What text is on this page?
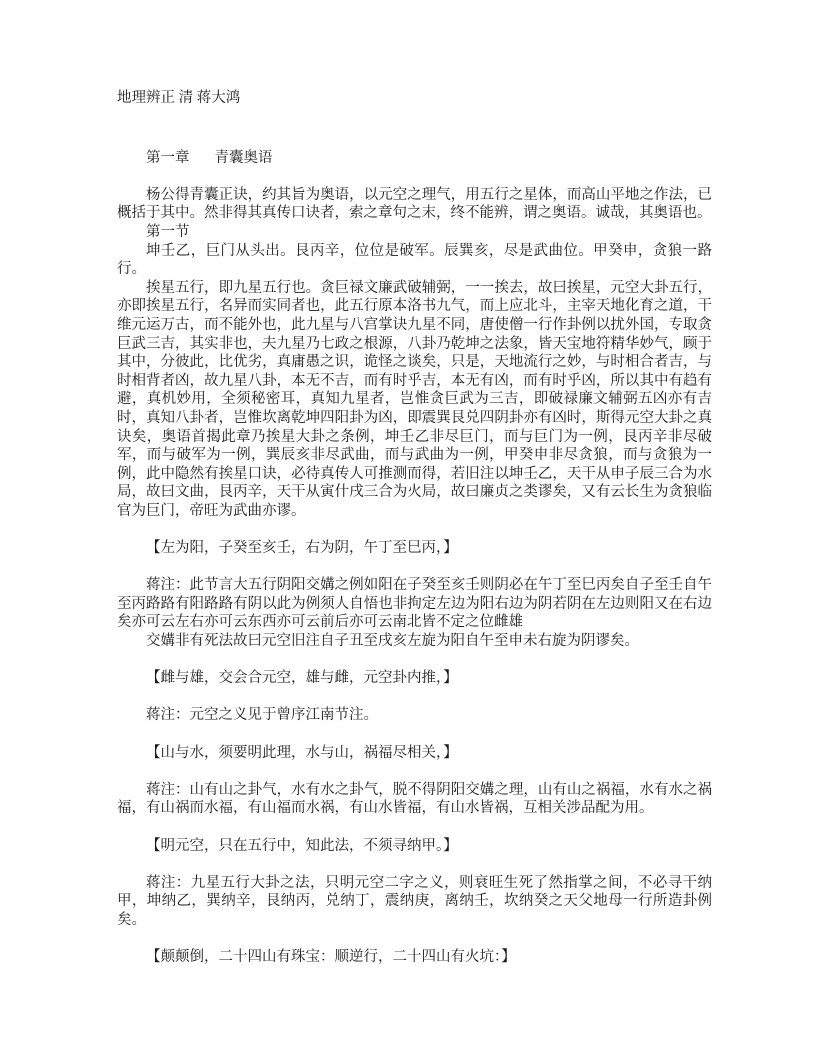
地理辨正 清 蒋大鸿
第一章 青囊奥语

杨公得青囊正诀，约其旨为奥语，以元空之理气，用五行之星体，而高山平地之作法，已概括于其中。然非得其真传口诀者，索之章句之末，终不能辨，谓之奥语。诚哉，其奥语也。

第一节

坤壬乙，巨门从头出。艮丙辛，位位是破军。辰巽亥，尽是武曲位。甲癸申，贪狼一路行。

挨星五行，即九星五行也。贪巨禄文廉武破辅弼，一一挨去，故曰挨星，元空大卦五行，亦即挨星五行，名异而实同者也，此五行原本洛书九气，而上应北斗，主宰天地化育之道，干维元运万古，而不能外也，此九星与八宫掌诀九星不同，唐使僧一行作卦例以扰外国，专取贪巨武三吉，其实非也，夫九星乃七政之根源，八卦乃乾坤之法象，皆天宝地符精华妙气，顾于其中，分彼此，比优劣，真庸愚之识，诡怪之谈矣，只是，天地流行之妙，与时相合者吉，与时相背者凶，故九星八卦，本无不吉，而有时乎吉，本无有凶，而有时乎凶，所以其中有趋有避，真机妙用，全须秘密耳，真知九星者，岂惟贪巨武为三吉，即破禄廉文辅弼五凶亦有吉时，真知八卦者，岂惟坎离乾坤四阳卦为凶，即震巽艮兑四阴卦亦有凶时，斯得元空大卦之真诀矣，奥语首揭此章乃挨星大卦之条例，坤壬乙非尽巨门，而与巨门为一例，艮丙辛非尽破军，而与破军为一例，巽辰亥非尽武曲，而与武曲为一例，甲癸申非尽贪狼，而与贪狼为一例，此中隐然有挨星口诀，必待真传人可推测而得，若旧注以坤壬乙，天干从申子辰三合为水局，故曰文曲，艮丙辛，天干从寅什戌三合为火局，故曰廉贞之类谬矣，又有云长生为贪狼临官为巨门，帝旺为武曲亦谬。

【左为阳，子癸至亥壬，右为阴，午丁至巳丙，】

蒋注：此节言大五行阴阳交媾之例如阳在子癸至亥壬则阴必在午丁至巳丙矣自子至壬自午至丙路路有阳路路有阴以此为例须人自悟也非拘定左边为阳右边为阴若阴在左边则阳又在右边矣亦可云左右亦可云东西亦可云前后亦可云南北皆不定之位雌雄

交媾非有死法故曰元空旧注自子丑至戌亥左旋为阳自午至申未右旋为阴谬矣。

【雌与雄，交会合元空，雄与雌，元空卦内推，】

蒋注：元空之义见于曾序江南节注。

【山与水，须要明此理，水与山，祸福尽相关，】

蒋注：山有山之卦气，水有水之卦气，脱不得阴阳交媾之理，山有山之祸福，水有水之祸福，有山祸而水福，有山福而水祸，有山水皆福，有山水皆祸，互相关涉品配为用。

【明元空，只在五行中，知此法，不须寻纳甲。】

蒋注：九星五行大卦之法，只明元空二字之义，则衰旺生死了然指掌之间，不必寻干纳甲，坤纳乙，巽纳辛，艮纳丙，兑纳丁，震纳庚，离纳壬，坎纳癸之天父地母一行所造卦例矣。

【颠颠倒，二十四山有珠宝：顺逆行，二十四山有火坑：】
